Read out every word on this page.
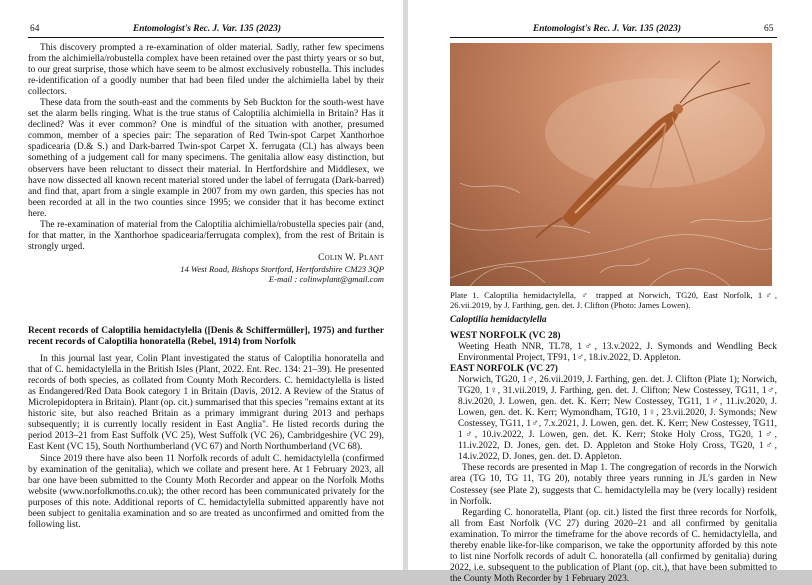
64	Entomologist's Rec. J. Var. 135 (2023)

This discovery prompted a re-examination of older material. Sadly, rather few specimens from the alchimiella/robustella complex have been retained over the past thirty years or so but, to our great surprise, those which have seem to be almost exclusively robustella. This includes re-identification of a goodly number that had been filed under the alchimiella label by their collectors.

These data from the south-east and the comments by Seb Buckton for the south-west have set the alarm bells ringing. What is the true status of Caloptilia alchimiella in Britain? Has it declined? Was it ever common? One is mindful of the situation with another, presumed common, member of a species pair: The separation of Red Twin-spot Carpet Xanthorhoe spadicearia (D.& S.) and Dark-barred Twin-spot Carpet X. ferrugata (Cl.) has always been something of a judgement call for many specimens. The genitalia allow easy distinction, but observers have been reluctant to dissect their material. In Hertfordshire and Middlesex, we have now dissected all known recent material stored under the label of ferrugata (Dark-barred) and find that, apart from a single example in 2007 from my own garden, this species has not been recorded at all in the two counties since 1995; we consider that it has become extinct here.

The re-examination of material from the Caloptilia alchimiella/robustella species pair (and, for that matter, in the Xanthorhoe spadicearia/ferrugata complex), from the rest of Britain is strongly urged.

Colin W. Plant

14 West Road, Bishops Stortford, Hertfordshire CM23 3QP

E-mail : colinwplant@gmail.com

Recent records of Caloptilia hemidactylella ([Denis & Schiffermüller], 1975) and further recent records of Caloptilia honoratella (Rebel, 1914) from Norfolk

In this journal last year, Colin Plant investigated the status of Caloptilia honoratella and that of C. hemidactylella in the British Isles (Plant, 2022. Ent. Rec. 134: 21–39). He presented records of both species, as collated from County Moth Recorders. C. hemidactylella is listed as Endangered/Red Data Book category 1 in Britain (Davis, 2012. A Review of the Status of Microlepidoptera in Britain). Plant (op. cit.) summarised that this species "remains extant at its historic site, but also reached Britain as a primary immigrant during 2013 and perhaps subsequently; it is currently locally resident in East Anglia". He listed records during the period 2013–21 from East Suffolk (VC 25), West Suffolk (VC 26), Cambridgeshire (VC 29), East Kent (VC 15), South Northumberland (VC 67) and North Northumberland (VC 68).

Since 2019 there have also been 11 Norfolk records of adult C. hemidactylella (confirmed by examination of the genitalia), which we collate and present here. At 1 February 2023, all bar one have been submitted to the County Moth Recorder and appear on the Norfolk Moths website (www.norfolkmoths.co.uk); the other record has been communicated privately for the purposes of this note. Additional reports of C. hemidactylella submitted apparently have not been subject to genitalia examination and so are treated as unconfirmed and omitted from the following list.

Entomologist's Rec. J. Var. 135 (2023)	65

Plate 1. Caloptilia hemidactylella, ♂ trapped at Norwich, TG20, East Norfolk, 1♂, 26.vii.2019, by J. Farthing, gen. det. J. Clifton (Photo: James Lowen).

Caloptilia hemidactylella

WEST NORFOLK (VC 28)

Weeting Heath NNR, TL78, 1♂, 13.v.2022, J. Symonds and Wendling Beck Environmental Project, TF91, 1♂, 18.iv.2022, D. Appleton.

EAST NORFOLK (VC 27)

Norwich, TG20, 1♂, 26.vii.2019, J. Farthing, gen. det. J. Clifton (Plate 1); Norwich, TG20, 1♀, 31.vii.2019, J. Farthing, gen. det. J. Clifton; New Costessey, TG11, 1♂, 8.iv.2020, J. Lowen, gen. det. K. Kerr; New Costessey, TG11, 1♂, 11.iv.2020, J. Lowen, gen. det. K. Kerr; Wymondham, TG10, 1♀, 23.vii.2020, J. Symonds; New Costessey, TG11, 1♂, 7.x.2021, J. Lowen, gen. det. K. Kerr; New Costessey, TG11, 1♂, 10.iv.2022, J. Lowen, gen. det. K. Kerr; Stoke Holy Cross, TG20, 1♂, 11.iv.2022, D. Jones, gen. det. D. Appleton and Stoke Holy Cross, TG20, 1♂, 14.iv.2022, D. Jones, gen. det. D. Appleton.

These records are presented in Map 1. The congregation of records in the Norwich area (TG 10, TG 11, TG 20), notably three years running in JL's garden in New Costessey (see Plate 2), suggests that C. hemidactylella may be (very locally) resident in Norfolk.

Regarding C. honoratella, Plant (op. cit.) listed the first three records for Norfolk, all from East Norfolk (VC 27) during 2020–21 and all confirmed by genitalia examination. To mirror the timeframe for the above records of C. hemidactylella, and thereby enable like-for-like comparison, we take the opportunity afforded by this note to list nine Norfolk records of adult C. honoratella (all confirmed by genitalia) during 2022, i.e. subsequent to the publication of Plant (op. cit.), that have been submitted to the County Moth Recorder by 1 February 2023.
